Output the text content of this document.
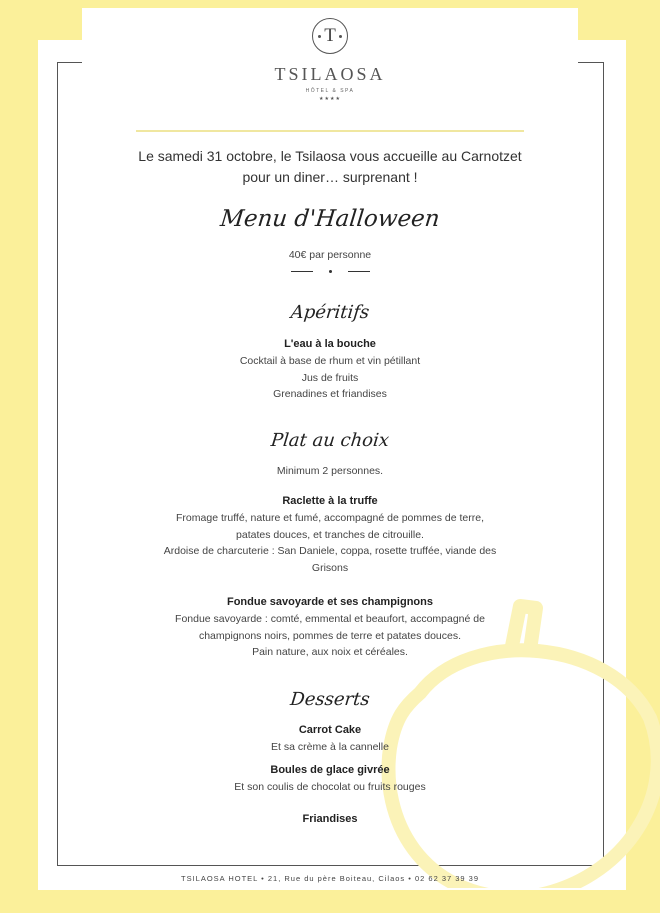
T
TSILAOSA
HÔTEL & SPA
★★★★
Le samedi 31 octobre, le Tsilaosa vous accueille au Carnotzet
pour un diner… surprenant !
Menu d'Halloween
40€ par personne
Apéritifs
L'eau à la bouche
Cocktail à base de rhum et vin pétillant
Jus de fruits
Grenadines et friandises
Plat au choix
Minimum 2 personnes.
Raclette à la truffe
Fromage truffé, nature et fumé, accompagné de pommes de terre,
patates douces, et tranches de citrouille.
Ardoise de charcuterie : San Daniele, coppa, rosette truffée, viande des
Grisons
Fondue savoyarde et ses champignons
Fondue savoyarde : comté, emmental et beaufort, accompagné de
champignons noirs, pommes de terre et patates douces.
Pain nature, aux noix et céréales.
Desserts
Carrot Cake
Et sa crème à la cannelle
Boules de glace givrée
Et son coulis de chocolat ou fruits rouges
Friandises
TSILAOSA HOTEL • 21, Rue du père Boiteau, Cilaos • 02 62 37 39 39
